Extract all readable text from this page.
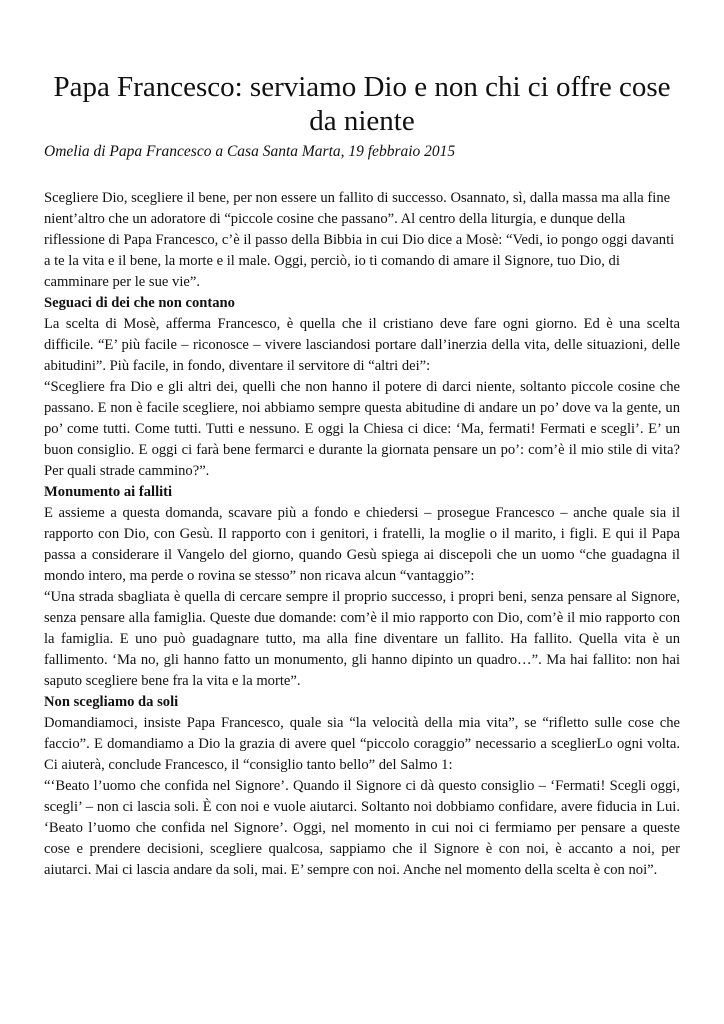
Papa Francesco: serviamo Dio e non chi ci offre cose da niente
Omelia di Papa Francesco a Casa Santa Marta, 19 febbraio 2015

Scegliere Dio, scegliere il bene, per non essere un fallito di successo. Osannato, sì, dalla massa ma alla fine nient’altro che un adoratore di “piccole cosine che passano”. Al centro della liturgia, e dunque della riflessione di Papa Francesco, c’è il passo della Bibbia in cui Dio dice a Mosè: “Vedi, io pongo oggi davanti a te la vita e il bene, la morte e il male. Oggi, perciò, io ti comando di amare il Signore, tuo Dio, di camminare per le sue vie”.

Seguaci di dei che non contano

La scelta di Mosè, afferma Francesco, è quella che il cristiano deve fare ogni giorno. Ed è una scelta difficile. “E’ più facile – riconosce – vivere lasciandosi portare dall’inerzia della vita, delle situazioni, delle abitudini”. Più facile, in fondo, diventare il servitore di “altri dei”:

“Scegliere fra Dio e gli altri dei, quelli che non hanno il potere di darci niente, soltanto piccole cosine che passano. E non è facile scegliere, noi abbiamo sempre questa abitudine di andare un po’ dove va la gente, un po’ come tutti. Come tutti. Tutti e nessuno. E oggi la Chiesa ci dice: ‘Ma, fermati! Fermati e scegli’. E’ un buon consiglio. E oggi ci farà bene fermarci e durante la giornata pensare un po’: com’è il mio stile di vita? Per quali strade cammino?”.

Monumento ai falliti

E assieme a questa domanda, scavare più a fondo e chiedersi – prosegue Francesco – anche quale sia il rapporto con Dio, con Gesù. Il rapporto con i genitori, i fratelli, la moglie o il marito, i figli. E qui il Papa passa a considerare il Vangelo del giorno, quando Gesù spiega ai discepoli che un uomo “che guadagna il mondo intero, ma perde o rovina se stesso” non ricava alcun “vantaggio”:

“Una strada sbagliata è quella di cercare sempre il proprio successo, i propri beni, senza pensare al Signore, senza pensare alla famiglia. Queste due domande: com’è il mio rapporto con Dio, com’è il mio rapporto con la famiglia. E uno può guadagnare tutto, ma alla fine diventare un fallito. Ha fallito. Quella vita è un fallimento. ‘Ma no, gli hanno fatto un monumento, gli hanno dipinto un quadro…”. Ma hai fallito: non hai saputo scegliere bene fra la vita e la morte”.

Non scegliamo da soli

Domandiamoci, insiste Papa Francesco, quale sia “la velocità della mia vita”, se “rifletto sulle cose che faccio”. E domandiamo a Dio la grazia di avere quel “piccolo coraggio” necessario a sceglierLo ogni volta. Ci aiuterà, conclude Francesco, il “consiglio tanto bello” del Salmo 1:

“‘Beato l’uomo che confida nel Signore’. Quando il Signore ci dà questo consiglio – ‘Fermati! Scegli oggi, scegli’ – non ci lascia soli. È con noi e vuole aiutarci. Soltanto noi dobbiamo confidare, avere fiducia in Lui. ‘Beato l’uomo che confida nel Signore’. Oggi, nel momento in cui noi ci fermiamo per pensare a queste cose e prendere decisioni, scegliere qualcosa, sappiamo che il Signore è con noi, è accanto a noi, per aiutarci. Mai ci lascia andare da soli, mai. E’ sempre con noi. Anche nel momento della scelta è con noi”.
